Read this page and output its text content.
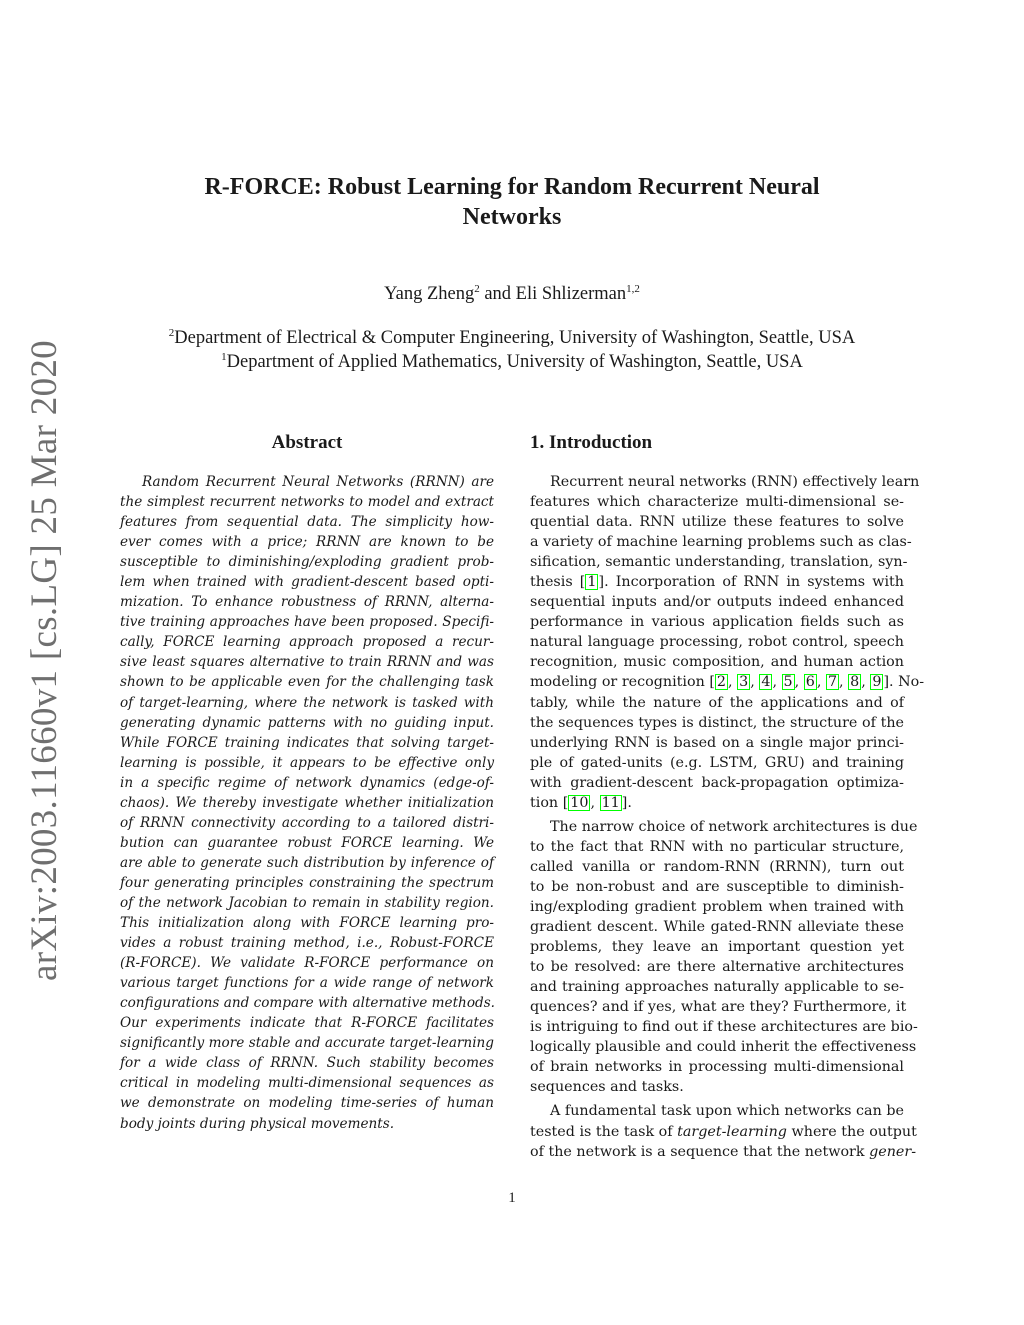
arXiv:2003.11660v1 [cs.LG] 25 Mar 2020
R-FORCE: Robust Learning for Random Recurrent Neural
Networks
Yang Zheng$^2$ and Eli Shlizerman$^{1,2}$
$^2$Department of Electrical & Computer Engineering, University of Washington, Seattle, USA
$^1$Department of Applied Mathematics, University of Washington, Seattle, USA
Abstract
Random Recurrent Neural Networks (RRNN) are
the simplest recurrent networks to model and extract
features from sequential data. The simplicity how-
ever comes with a price; RRNN are known to be
susceptible to diminishing/exploding gradient prob-
lem when trained with gradient-descent based opti-
mization. To enhance robustness of RRNN, alterna-
tive training approaches have been proposed. Specifi-
cally, FORCE learning approach proposed a recur-
sive least squares alternative to train RRNN and was
shown to be applicable even for the challenging task
of target-learning, where the network is tasked with
generating dynamic patterns with no guiding input.
While FORCE training indicates that solving target-
learning is possible, it appears to be effective only
in a specific regime of network dynamics (edge-of-
chaos). We thereby investigate whether initialization
of RRNN connectivity according to a tailored distri-
bution can guarantee robust FORCE learning. We
are able to generate such distribution by inference of
four generating principles constraining the spectrum
of the network Jacobian to remain in stability region.
This initialization along with FORCE learning pro-
vides a robust training method, i.e., Robust-FORCE
(R-FORCE). We validate R-FORCE performance on
various target functions for a wide range of network
configurations and compare with alternative methods.
Our experiments indicate that R-FORCE facilitates
significantly more stable and accurate target-learning
for a wide class of RRNN. Such stability becomes
critical in modeling multi-dimensional sequences as
we demonstrate on modeling time-series of human
body joints during physical movements.
1. Introduction
Recurrent neural networks (RNN) effectively learn
features which characterize multi-dimensional se-
quential data. RNN utilize these features to solve
a variety of machine learning problems such as clas-
sification, semantic understanding, translation, syn-
thesis [ 1 ]. Incorporation of RNN in systems with
sequential inputs and/or outputs indeed enhanced
performance in various application fields such as
natural language processing, robot control, speech
recognition, music composition, and human action
modeling or recognition [ 2 , 3 , 4 , 5 , 6 , 7 , 8 , 9 ]. No-
tably, while the nature of the applications and of
the sequences types is distinct, the structure of the
underlying RNN is based on a single major princi-
ple of gated-units (e.g. LSTM, GRU) and training
with gradient-descent back-propagation optimiza-
tion [ 10 , 11 ].
The narrow choice of network architectures is due
to the fact that RNN with no particular structure,
called vanilla or random-RNN (RRNN), turn out
to be non-robust and are susceptible to diminish-
ing/exploding gradient problem when trained with
gradient descent. While gated-RNN alleviate these
problems, they leave an important question yet
to be resolved: are there alternative architectures
and training approaches naturally applicable to se-
quences? and if yes, what are they? Furthermore, it
is intriguing to find out if these architectures are bio-
logically plausible and could inherit the effectiveness
of brain networks in processing multi-dimensional
sequences and tasks.
A fundamental task upon which networks can be
tested is the task of target-learning where the output
of the network is a sequence that the network gener-
1
